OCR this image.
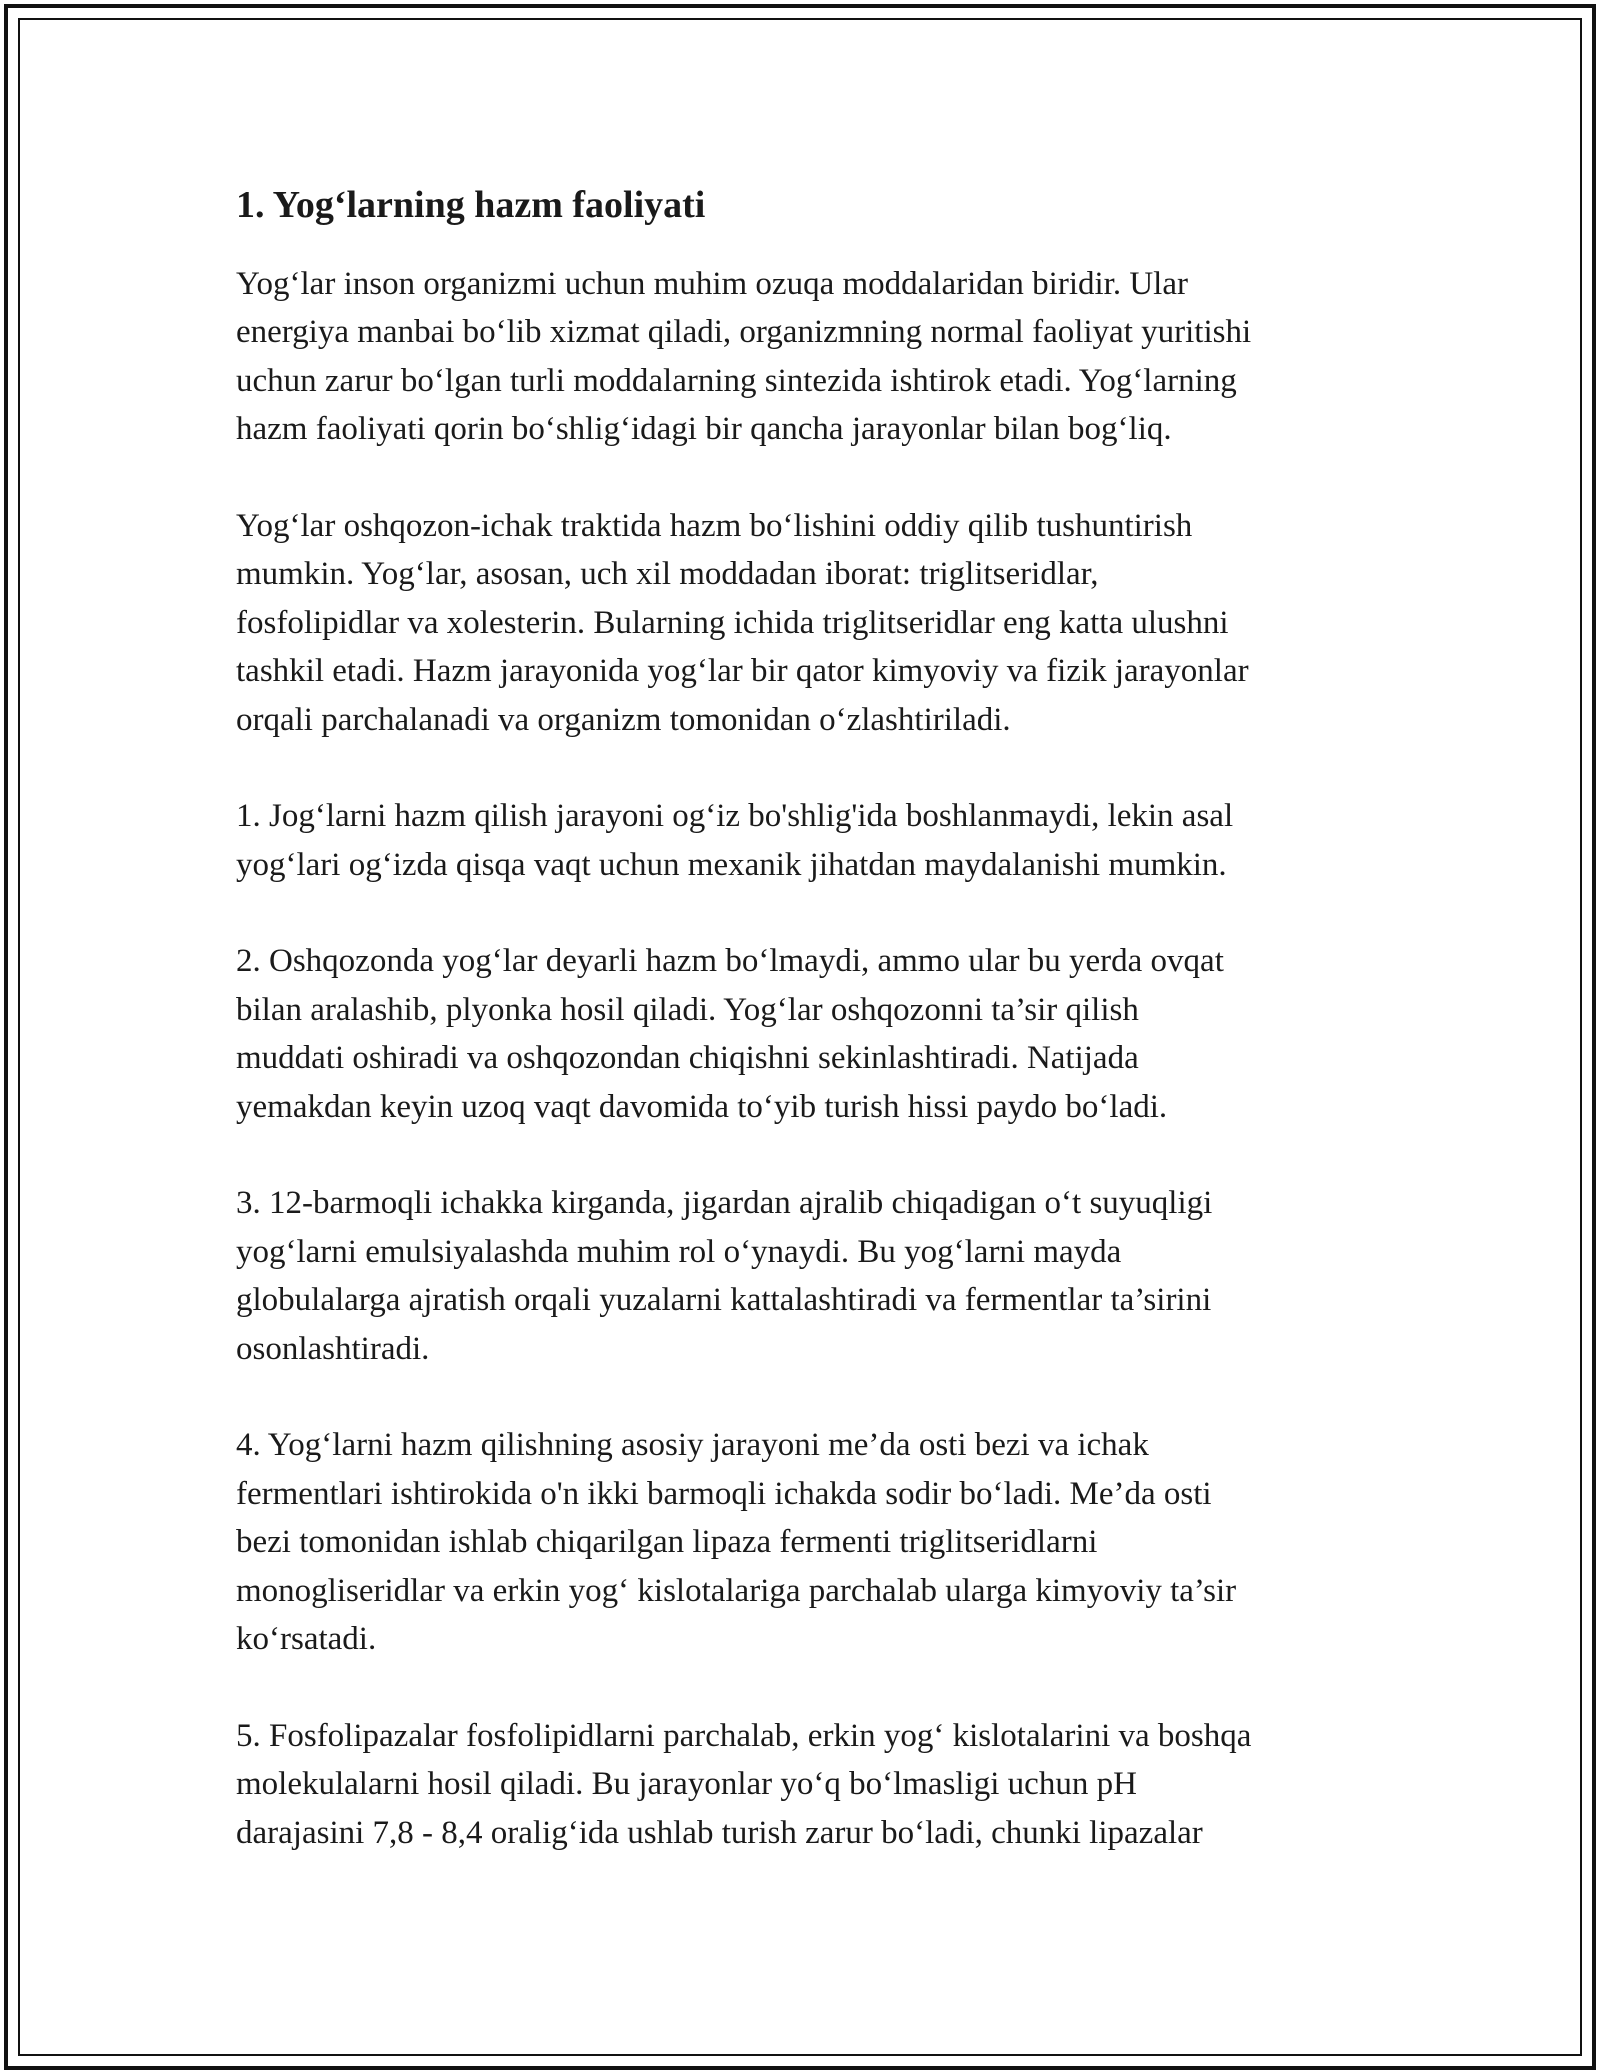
1. Yog‘larning hazm faoliyati

Yog‘lar inson organizmi uchun muhim ozuqa moddalaridan biridir. Ular
energiya manbai bo‘lib xizmat qiladi, organizmning normal faoliyat yuritishi
uchun zarur bo‘lgan turli moddalarning sintezida ishtirok etadi. Yog‘larning
hazm faoliyati qorin bo‘shlig‘idagi bir qancha jarayonlar bilan bog‘liq.

Yog‘lar oshqozon-ichak traktida hazm bo‘lishini oddiy qilib tushuntirish
mumkin. Yog‘lar, asosan, uch xil moddadan iborat: triglitseridlar,
fosfolipidlar va xolesterin. Bularning ichida triglitseridlar eng katta ulushni
tashkil etadi. Hazm jarayonida yog‘lar bir qator kimyoviy va fizik jarayonlar
orqali parchalanadi va organizm tomonidan o‘zlashtiriladi.

1. Jog‘larni hazm qilish jarayoni og‘iz bo'shlig'ida boshlanmaydi, lekin asal
yog‘lari og‘izda qisqa vaqt uchun mexanik jihatdan maydalanishi mumkin.

2. Oshqozonda yog‘lar deyarli hazm bo‘lmaydi, ammo ular bu yerda ovqat
bilan aralashib, plyonka hosil qiladi. Yog‘lar oshqozonni ta’sir qilish
muddati oshiradi va oshqozondan chiqishni sekinlashtiradi. Natijada
yemakdan keyin uzoq vaqt davomida to‘yib turish hissi paydo bo‘ladi.

3. 12-barmoqli ichakka kirganda, jigardan ajralib chiqadigan o‘t suyuqligi
yog‘larni emulsiyalashda muhim rol o‘ynaydi. Bu yog‘larni mayda
globulalarga ajratish orqali yuzalarni kattalashtiradi va fermentlar ta’sirini
osonlashtiradi.

4. Yog‘larni hazm qilishning asosiy jarayoni me’da osti bezi va ichak
fermentlari ishtirokida o'n ikki barmoqli ichakda sodir bo‘ladi. Me’da osti
bezi tomonidan ishlab chiqarilgan lipaza fermenti triglitseridlarni
monogliseridlar va erkin yog‘ kislotalariga parchalab ularga kimyoviy ta’sir
ko‘rsatadi.

5. Fosfolipazalar fosfolipidlarni parchalab, erkin yog‘ kislotalarini va boshqa
molekulalarni hosil qiladi. Bu jarayonlar yo‘q bo‘lmasligi uchun pH
darajasini 7,8 - 8,4 oralig‘ida ushlab turish zarur bo‘ladi, chunki lipazalar
